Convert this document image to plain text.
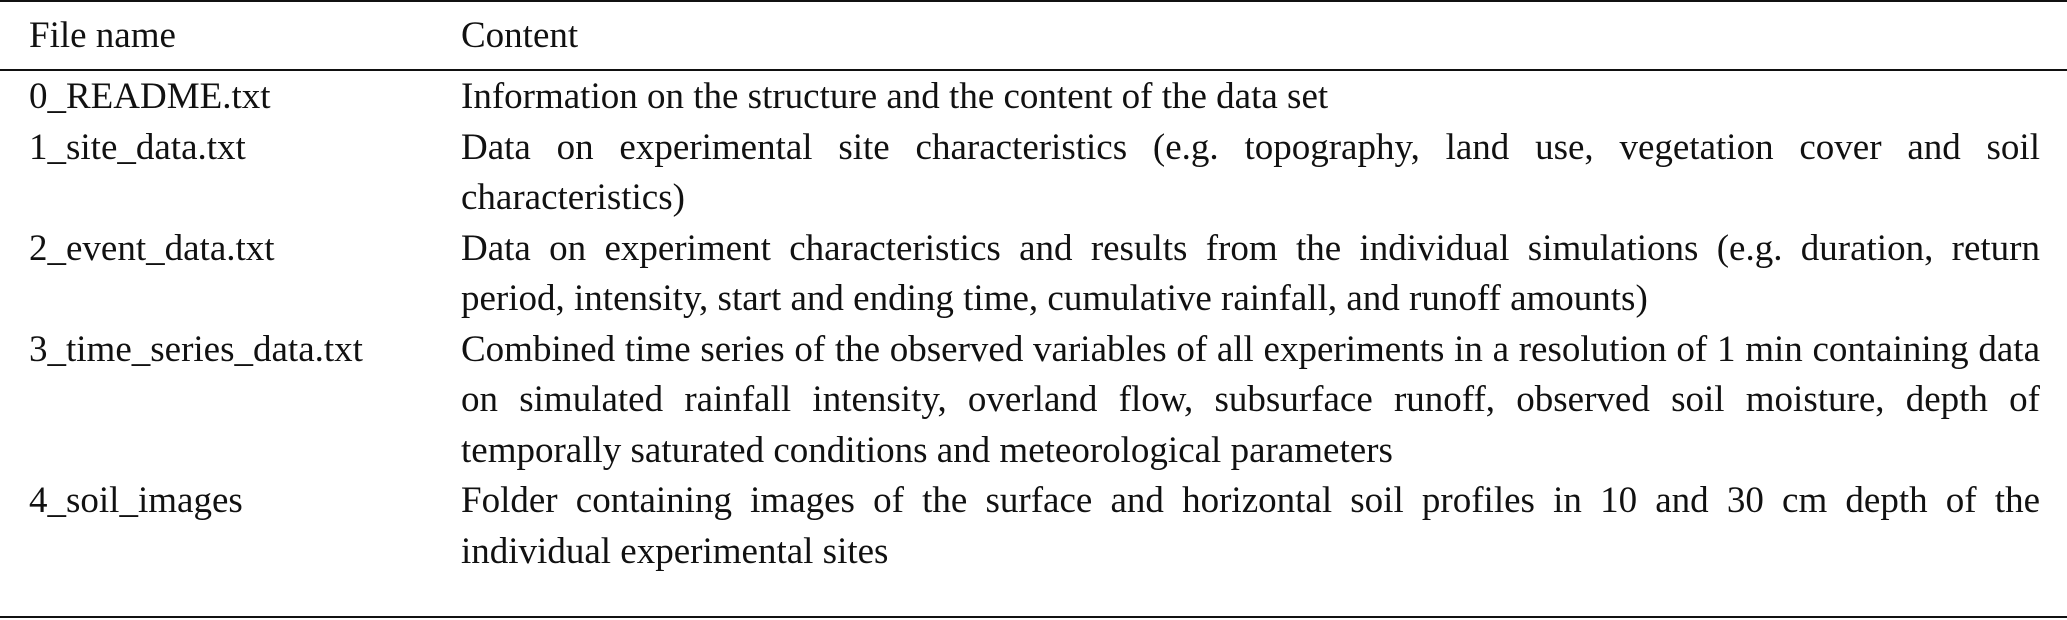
File name	Content
0_README.txt	Information on the structure and the content of the data set
1_site_data.txt	Data on experimental site characteristics (e.g. topography, land use, vegetation cover and soil characteristics)
2_event_data.txt	Data on experiment characteristics and results from the individual simulations (e.g. duration, return period, intensity, start and ending time, cumulative rainfall, and runoff amounts)
3_time_series_data.txt	Combined time series of the observed variables of all experiments in a resolution of 1 min containing data on simulated rainfall intensity, overland flow, subsurface runoff, observed soil moisture, depth of temporally saturated conditions and meteorological parameters
4_soil_images	Folder containing images of the surface and horizontal soil profiles in 10 and 30 cm depth of the individual experimental sites
